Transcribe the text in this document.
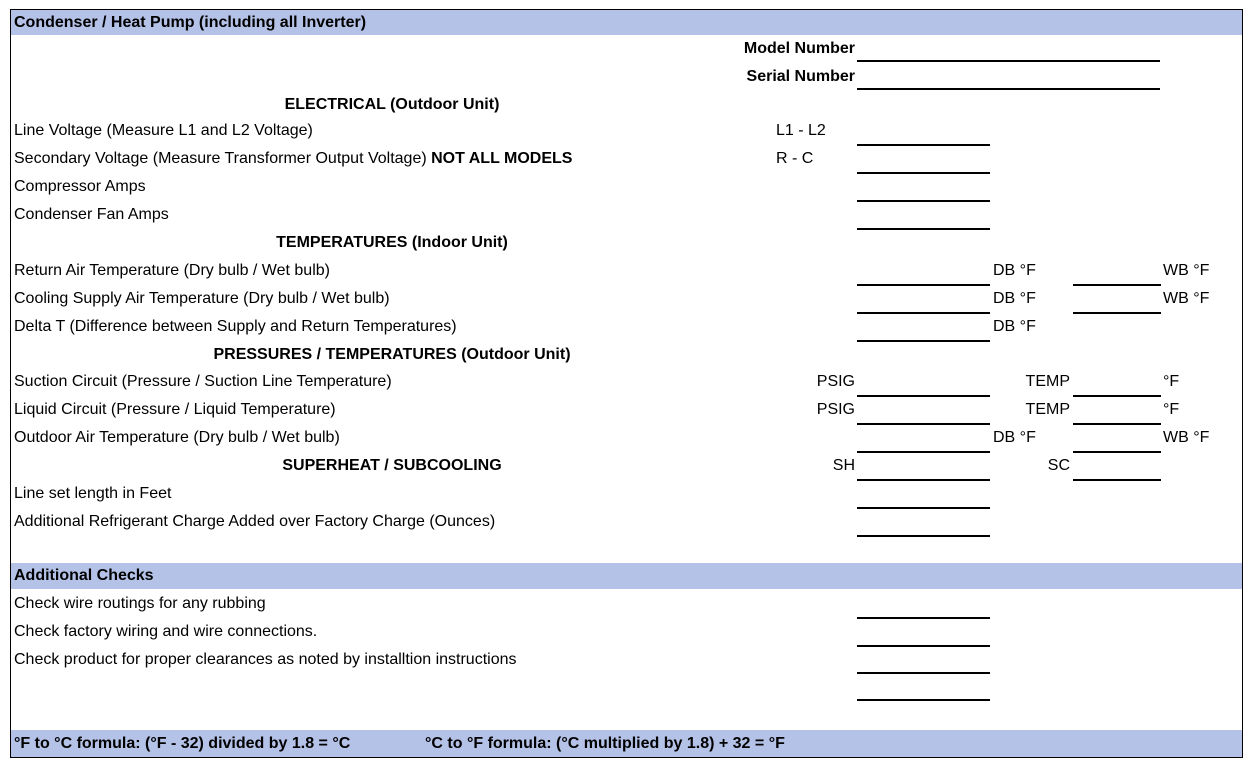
Condenser / Heat Pump (including all Inverter)
Model Number
Serial Number
ELECTRICAL (Outdoor Unit)
Line Voltage (Measure L1 and L2 Voltage)	L1 - L2
Secondary Voltage (Measure Transformer Output Voltage) NOT ALL MODELS	R - C
Compressor Amps
Condenser Fan Amps
TEMPERATURES (Indoor Unit)
Return Air Temperature (Dry bulb / Wet bulb)	DB °F	WB °F
Cooling Supply Air Temperature (Dry bulb / Wet bulb)	DB °F	WB °F
Delta T (Difference between Supply and Return Temperatures)	DB °F
PRESSURES / TEMPERATURES (Outdoor Unit)
Suction Circuit (Pressure / Suction Line Temperature)	PSIG	TEMP	°F
Liquid Circuit (Pressure / Liquid Temperature)	PSIG	TEMP	°F
Outdoor Air Temperature (Dry bulb / Wet bulb)	DB °F	WB °F
SUPERHEAT / SUBCOOLING	SH	SC
Line set length in Feet
Additional Refrigerant Charge Added over Factory Charge (Ounces)
Additional Checks
Check wire routings for any rubbing
Check factory wiring and wire connections.
Check product for proper clearances as noted by installtion instructions
°F to °C formula: (°F - 32) divided by 1.8 = °C	°C to °F formula: (°C multiplied by 1.8) + 32 = °F
